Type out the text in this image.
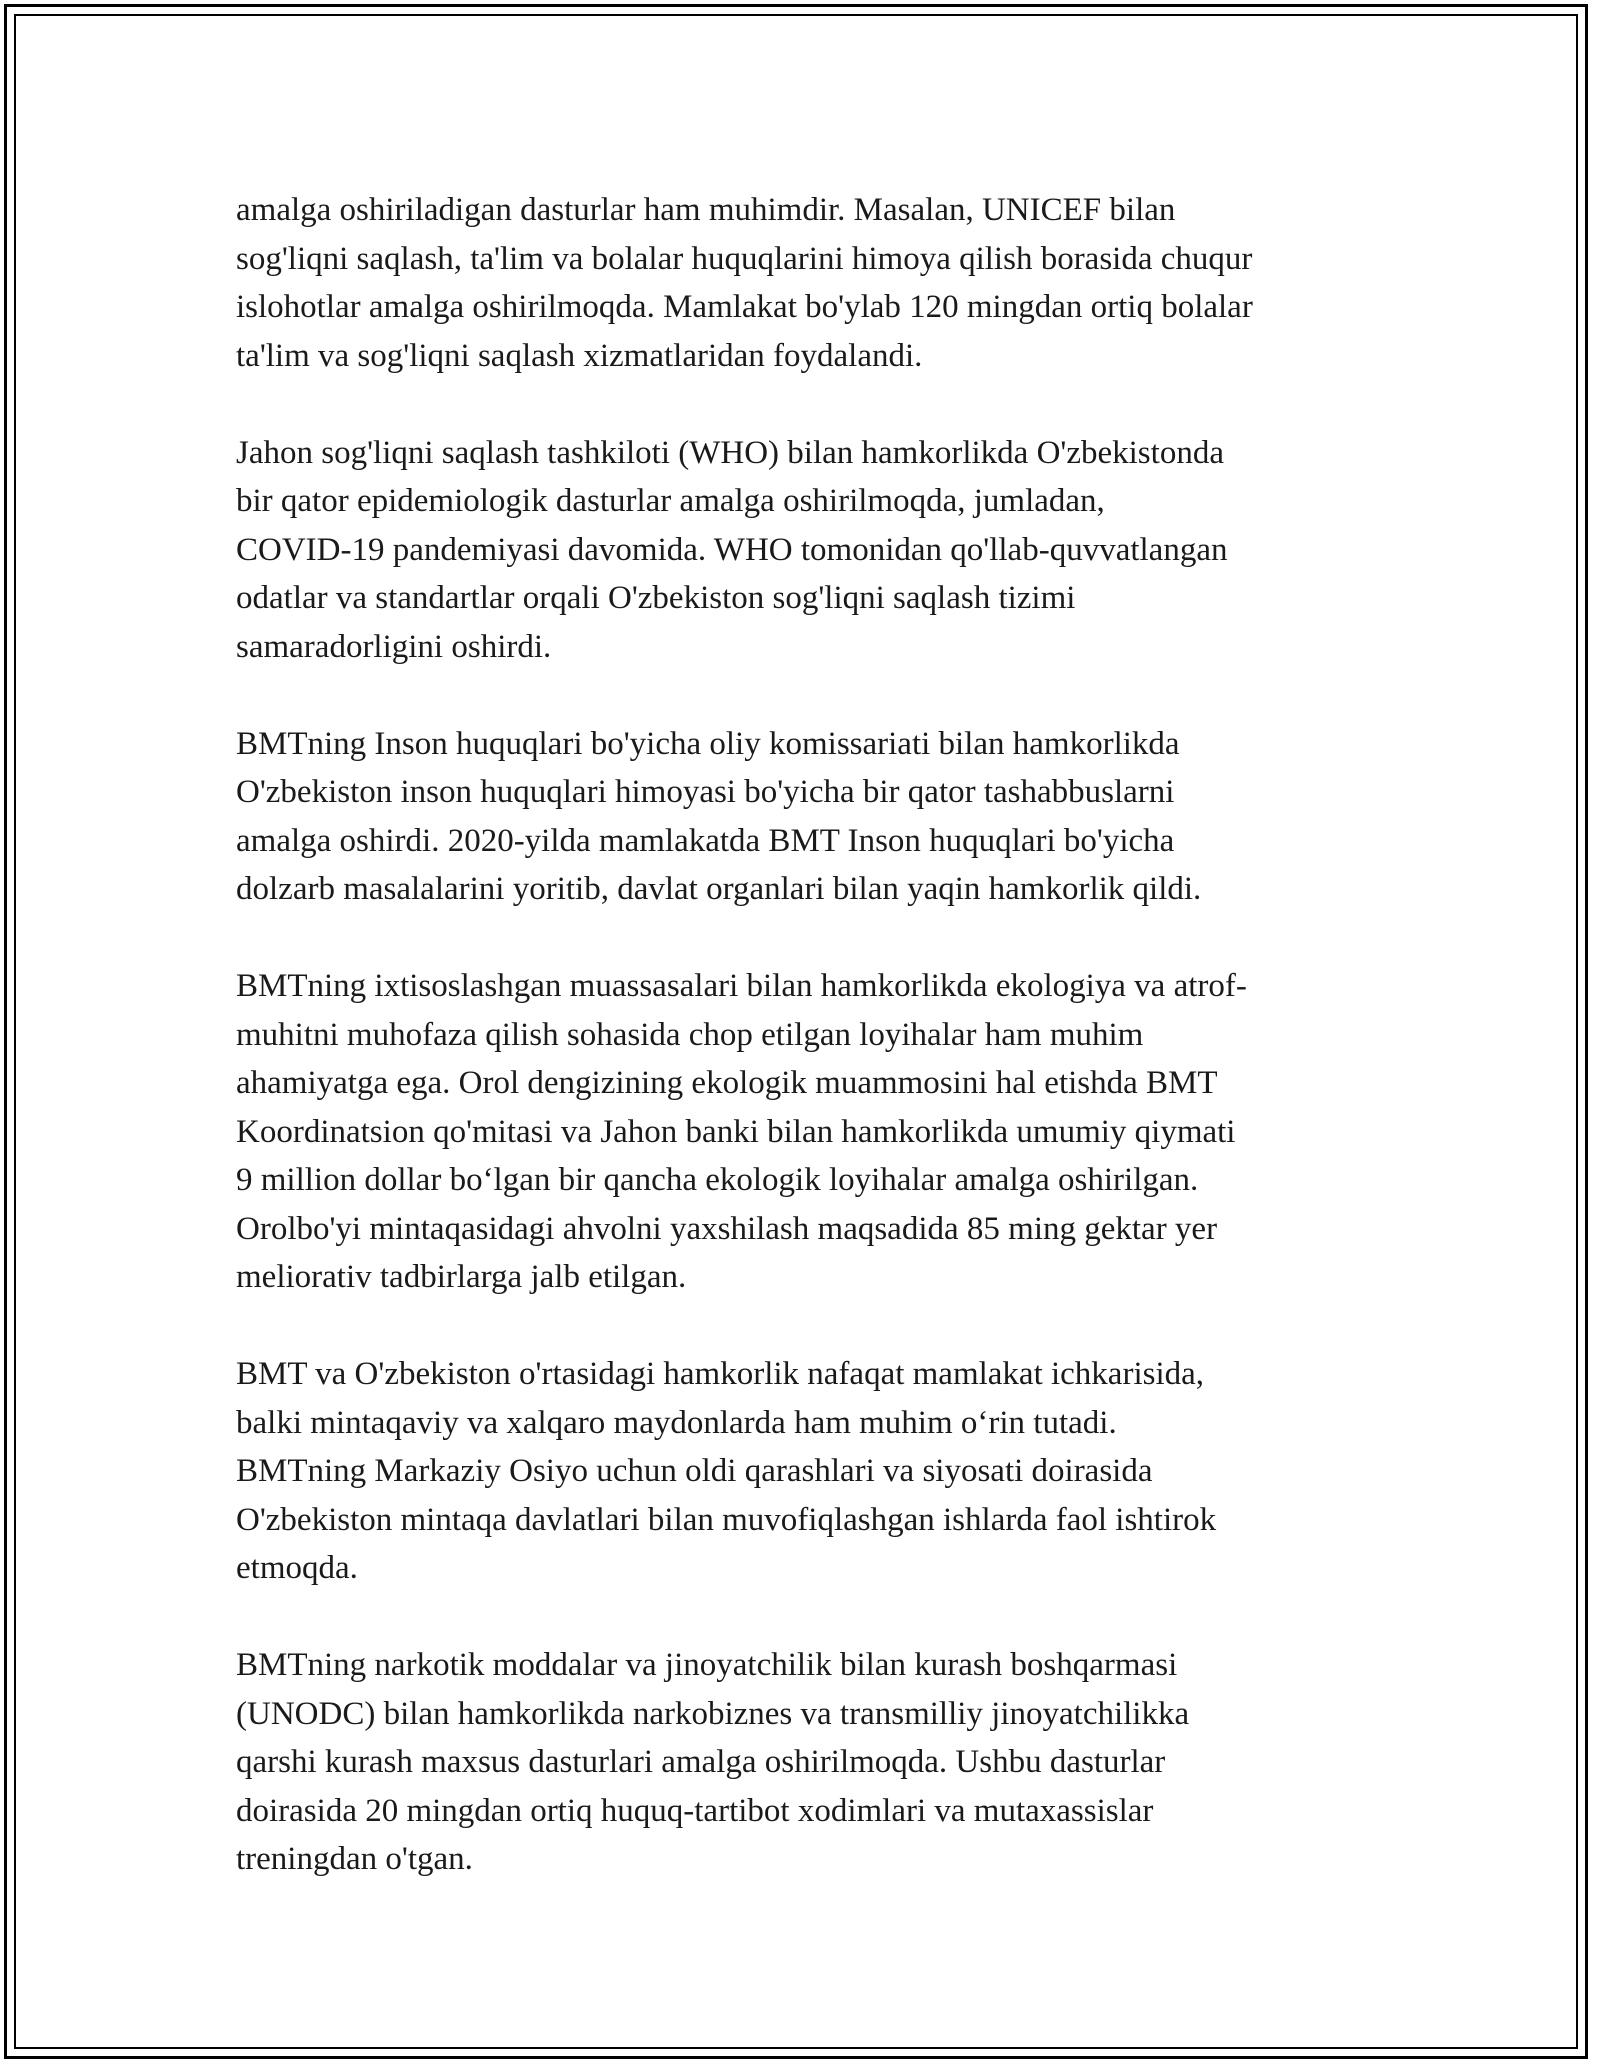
amalga oshiriladigan dasturlar ham muhimdir. Masalan, UNICEF bilan
sog'liqni saqlash, ta'lim va bolalar huquqlarini himoya qilish borasida chuqur
islohotlar amalga oshirilmoqda. Mamlakat bo'ylab 120 mingdan ortiq bolalar
ta'lim va sog'liqni saqlash xizmatlaridan foydalandi.

Jahon sog'liqni saqlash tashkiloti (WHO) bilan hamkorlikda O'zbekistonda
bir qator epidemiologik dasturlar amalga oshirilmoqda, jumladan,
COVID-19 pandemiyasi davomida. WHO tomonidan qo'llab-quvvatlangan
odatlar va standartlar orqali O'zbekiston sog'liqni saqlash tizimi
samaradorligini oshirdi.

BMTning Inson huquqlari bo'yicha oliy komissariati bilan hamkorlikda
O'zbekiston inson huquqlari himoyasi bo'yicha bir qator tashabbuslarni
amalga oshirdi. 2020-yilda mamlakatda BMT Inson huquqlari bo'yicha
dolzarb masalalarini yoritib, davlat organlari bilan yaqin hamkorlik qildi.

BMTning ixtisoslashgan muassasalari bilan hamkorlikda ekologiya va atrof-
muhitni muhofaza qilish sohasida chop etilgan loyihalar ham muhim
ahamiyatga ega. Orol dengizining ekologik muammosini hal etishda BMT
Koordinatsion qo'mitasi va Jahon banki bilan hamkorlikda umumiy qiymati
9 million dollar bo‘lgan bir qancha ekologik loyihalar amalga oshirilgan.
Orolbo'yi mintaqasidagi ahvolni yaxshilash maqsadida 85 ming gektar yer
meliorativ tadbirlarga jalb etilgan.

BMT va O'zbekiston o'rtasidagi hamkorlik nafaqat mamlakat ichkarisida,
balki mintaqaviy va xalqaro maydonlarda ham muhim o‘rin tutadi.
BMTning Markaziy Osiyo uchun oldi qarashlari va siyosati doirasida
O'zbekiston mintaqa davlatlari bilan muvofiqlashgan ishlarda faol ishtirok
etmoqda.

BMTning narkotik moddalar va jinoyatchilik bilan kurash boshqarmasi
(UNODC) bilan hamkorlikda narkobiznes va transmilliy jinoyatchilikka
qarshi kurash maxsus dasturlari amalga oshirilmoqda. Ushbu dasturlar
doirasida 20 mingdan ortiq huquq-tartibot xodimlari va mutaxassislar
treningdan o'tgan.
